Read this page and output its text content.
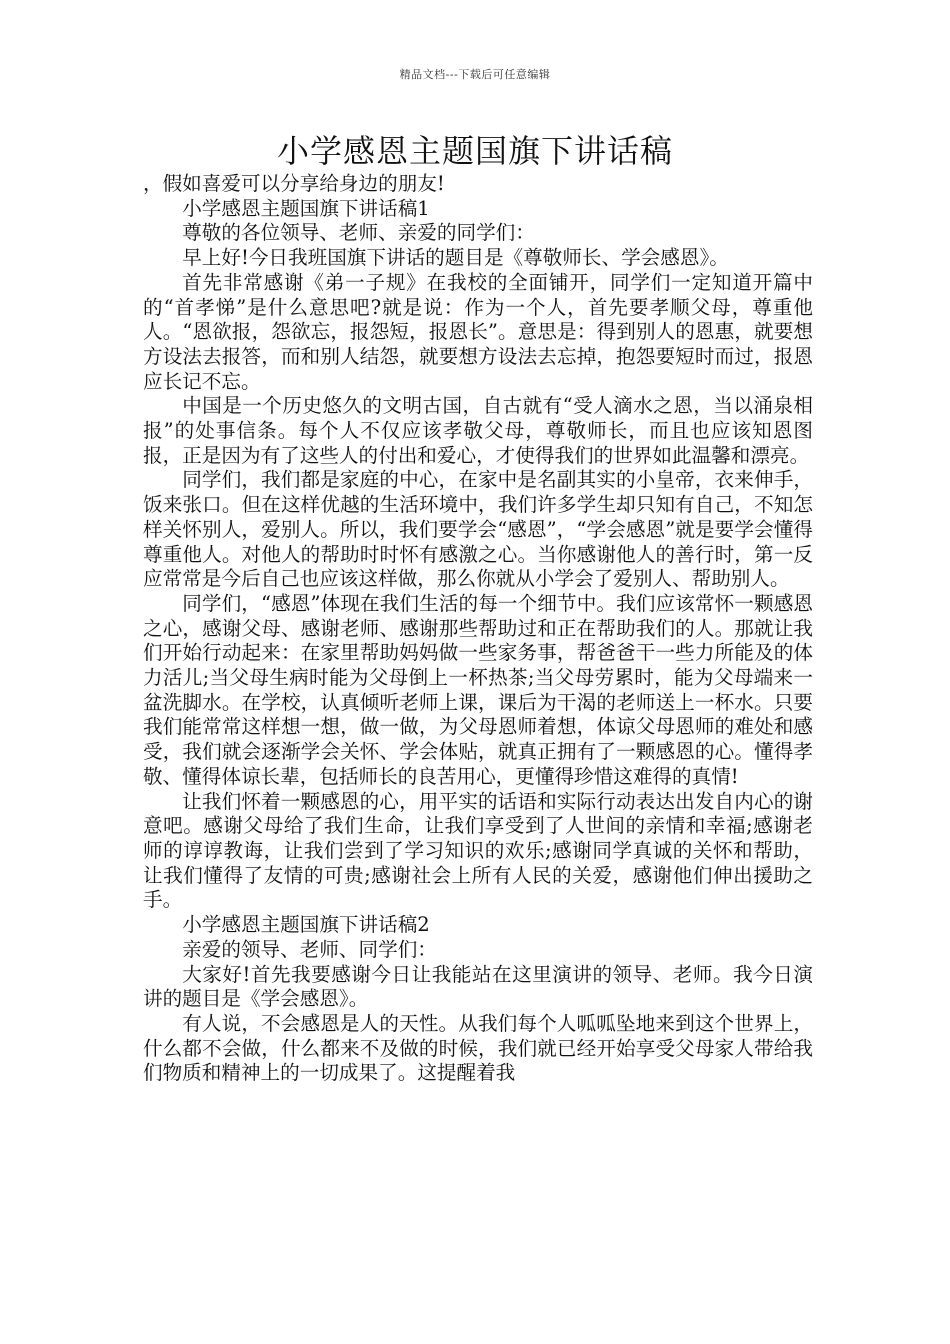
精品文档---下载后可任意编辑
小学感恩主题国旗下讲话稿

，假如喜爱可以分享给身边的朋友!

小学感恩主题国旗下讲话稿1

尊敬的各位领导、老师、亲爱的同学们：

早上好!今日我班国旗下讲话的题目是《尊敬师长、学会感恩》。

首先非常感谢《弟一子规》在我校的全面铺开，同学们一定知道开篇中的“首孝悌”是什么意思吧?就是说：作为一个人，首先要孝顺父母，尊重他人。“恩欲报，怨欲忘，报怨短，报恩长”。意思是：得到别人的恩惠，就要想方设法去报答，而和别人结怨，就要想方设法去忘掉，抱怨要短时而过，报恩应长记不忘。

中国是一个历史悠久的文明古国，自古就有“受人滴水之恩，当以涌泉相报”的处事信条。每个人不仅应该孝敬父母，尊敬师长，而且也应该知恩图报，正是因为有了这些人的付出和爱心，才使得我们的世界如此温馨和漂亮。

同学们，我们都是家庭的中心，在家中是名副其实的小皇帝，衣来伸手，饭来张口。但在这样优越的生活环境中，我们许多学生却只知有自己，不知怎样关怀别人，爱别人。所以，我们要学会“感恩”，“学会感恩”就是要学会懂得尊重他人。对他人的帮助时时怀有感激之心。当你感谢他人的善行时，第一反应常常是今后自己也应该这样做，那么你就从小学会了爱别人、帮助别人。

同学们，“感恩”体现在我们生活的每一个细节中。我们应该常怀一颗感恩之心，感谢父母、感谢老师、感谢那些帮助过和正在帮助我们的人。那就让我们开始行动起来：在家里帮助妈妈做一些家务事，帮爸爸干一些力所能及的体力活儿;当父母生病时能为父母倒上一杯热茶;当父母劳累时，能为父母端来一盆洗脚水。在学校，认真倾听老师上课，课后为干渴的老师送上一杯水。只要我们能常常这样想一想，做一做，为父母恩师着想，体谅父母恩师的难处和感受，我们就会逐渐学会关怀、学会体贴，就真正拥有了一颗感恩的心。懂得孝敬、懂得体谅长辈，包括师长的良苦用心，更懂得珍惜这难得的真情!

让我们怀着一颗感恩的心，用平实的话语和实际行动表达出发自内心的谢意吧。感谢父母给了我们生命，让我们享受到了人世间的亲情和幸福;感谢老师的谆谆教诲，让我们尝到了学习知识的欢乐;感谢同学真诚的关怀和帮助，让我们懂得了友情的可贵;感谢社会上所有人民的关爱，感谢他们伸出援助之手。

小学感恩主题国旗下讲话稿2

亲爱的领导、老师、同学们：

大家好!首先我要感谢今日让我能站在这里演讲的领导、老师。我今日演讲的题目是《学会感恩》。

有人说，不会感恩是人的天性。从我们每个人呱呱坠地来到这个世界上，什么都不会做，什么都来不及做的时候，我们就已经开始享受父母家人带给我们物质和精神上的一切成果了。这提醒着我
